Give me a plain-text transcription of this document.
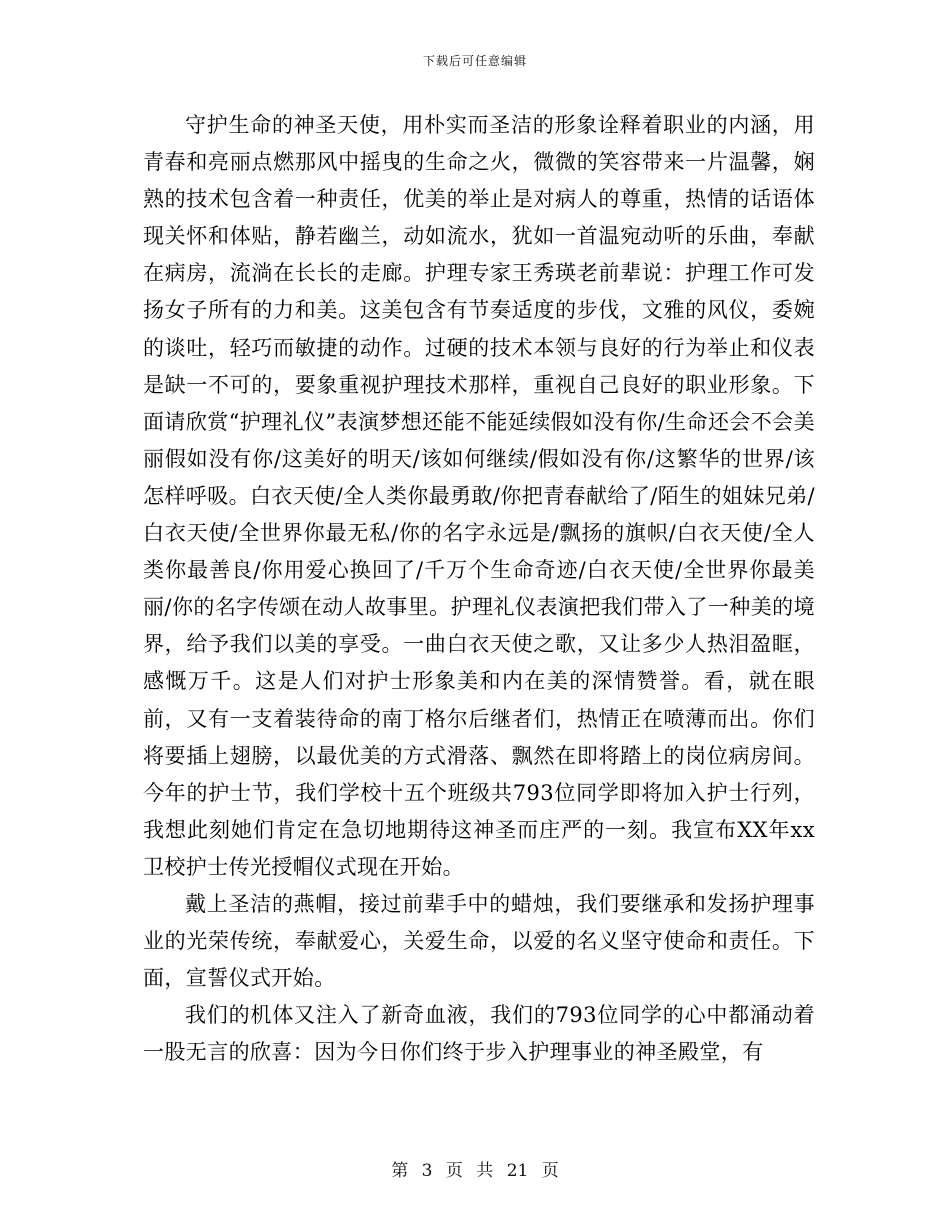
下载后可任意编辑

守护生命的神圣天使，用朴实而圣洁的形象诠释着职业的内涵，用青春和亮丽点燃那风中摇曳的生命之火，微微的笑容带来一片温馨，娴熟的技术包含着一种责任，优美的举止是对病人的尊重，热情的话语体现关怀和体贴，静若幽兰，动如流水，犹如一首温宛动听的乐曲，奉献在病房，流淌在长长的走廊。护理专家王秀瑛老前辈说：护理工作可发扬女子所有的力和美。这美包含有节奏适度的步伐，文雅的风仪，委婉的谈吐，轻巧而敏捷的动作。过硬的技术本领与良好的行为举止和仪表是缺一不可的，要象重视护理技术那样，重视自己良好的职业形象。下面请欣赏“护理礼仪”表演梦想还能不能延续假如没有你/生命还会不会美丽假如没有你/这美好的明天/该如何继续/假如没有你/这繁华的世界/该怎样呼吸。白衣天使/全人类你最勇敢/你把青春献给了/陌生的姐妹兄弟/白衣天使/全世界你最无私/你的名字永远是/飘扬的旗帜/白衣天使/全人类你最善良/你用爱心换回了/千万个生命奇迹/白衣天使/全世界你最美丽/你的名字传颂在动人故事里。护理礼仪表演把我们带入了一种美的境界，给予我们以美的享受。一曲白衣天使之歌，又让多少人热泪盈眶，感慨万千。这是人们对护士形象美和内在美的深情赞誉。看，就在眼前，又有一支着装待命的南丁格尔后继者们，热情正在喷薄而出。你们将要插上翅膀，以最优美的方式滑落、飘然在即将踏上的岗位病房间。今年的护士节，我们学校十五个班级共793位同学即将加入护士行列，我想此刻她们肯定在急切地期待这神圣而庄严的一刻。我宣布XX年xx卫校护士传光授帽仪式现在开始。

戴上圣洁的燕帽，接过前辈手中的蜡烛，我们要继承和发扬护理事业的光荣传统，奉献爱心，关爱生命，以爱的名义坚守使命和责任。下面，宣誓仪式开始。

我们的机体又注入了新奇血液，我们的793位同学的心中都涌动着一股无言的欣喜：因为今日你们终于步入护理事业的神圣殿堂，有

第 3 页 共 21 页
